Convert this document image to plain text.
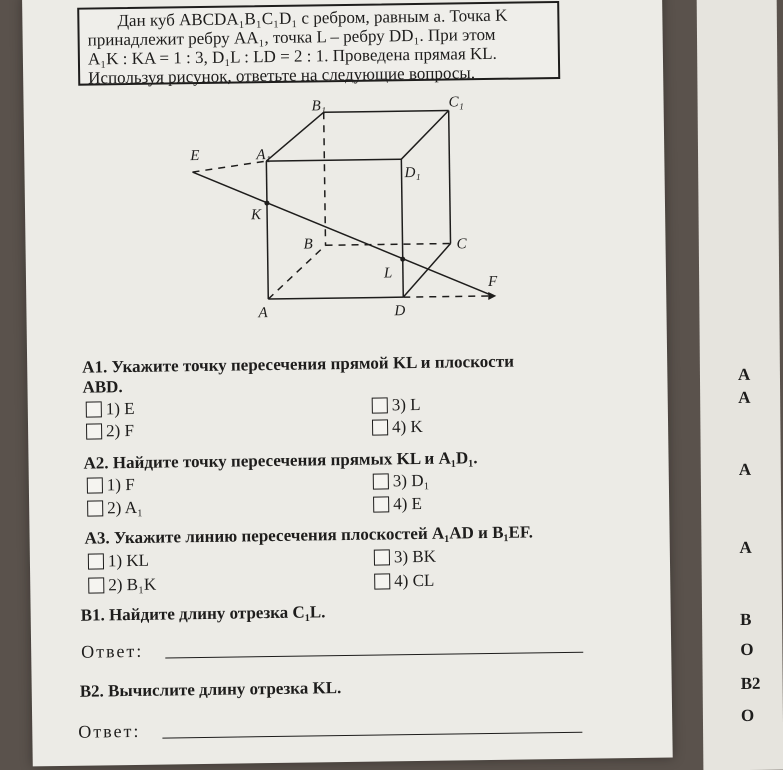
A
A
A
A
B
O
B2
O
Дан куб ABCDA₁B₁C₁D₁ с ребром, равным a. Точка K
принадлежит ребру AA₁, точка L – ребру DD₁. При этом
A₁K : KA = 1 : 3, D₁L : LD = 2 : 1. Проведена прямая KL.
Используя рисунок, ответьте на следующие вопросы.
A
B	C
D
A₁
B₁	C₁
D₁
E
F
K
L
A1. Укажите точку пересечения прямой KL и плоскости
ABD.
1) E
2) F
3) L
4) K
A2. Найдите точку пересечения прямых KL и A₁D₁.
1) F
2) A₁
3) D₁
4) E
A3. Укажите линию пересечения плоскостей A₁AD и B₁EF.
1) KL
2) B₁K
3) BK
4) CL
B1. Найдите длину отрезка C₁L.
Ответ:
B2. Вычислите длину отрезка KL.
Ответ:
